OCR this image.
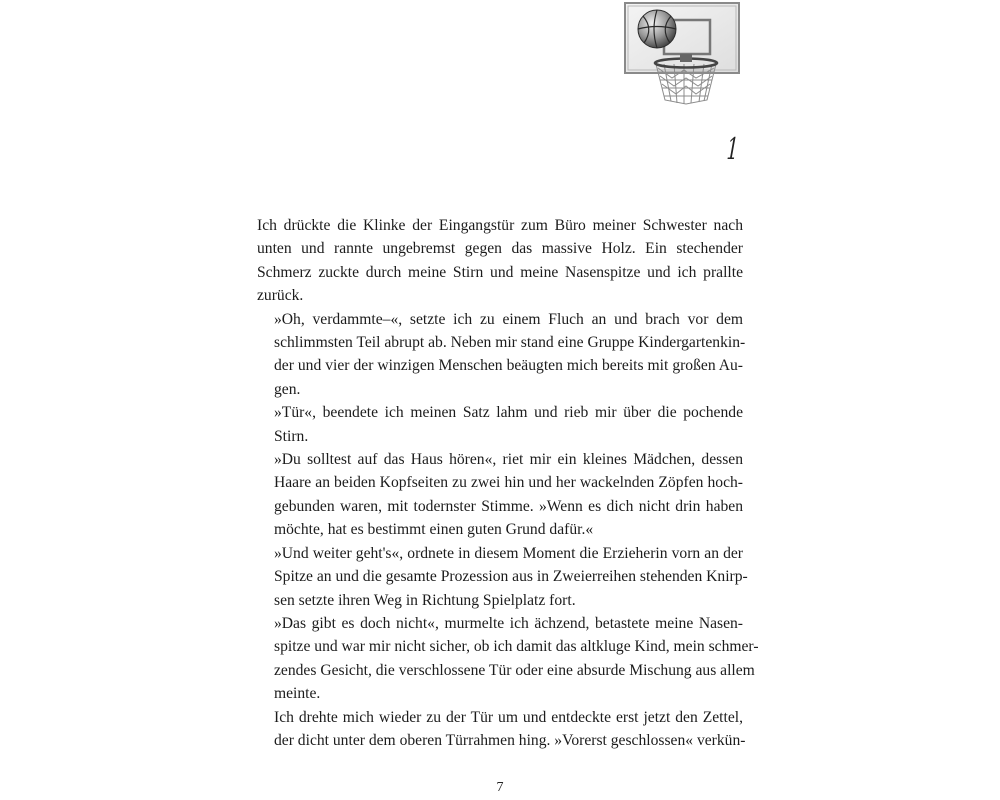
1

Ich drückte die Klinke der Eingangstür zum Büro meiner Schwester nach
unten und rannte ungebremst gegen das massive Holz. Ein stechender
Schmerz zuckte durch meine Stirn und meine Nasenspitze und ich prallte
zurück.

»Oh, verdammte–«, setzte ich zu einem Fluch an und brach vor dem
schlimmsten Teil abrupt ab. Neben mir stand eine Gruppe Kindergartenkin-
der und vier der winzigen Menschen beäugten mich bereits mit großen Au-
gen.

»Tür«, beendete ich meinen Satz lahm und rieb mir über die pochende
Stirn.

»Du solltest auf das Haus hören«, riet mir ein kleines Mädchen, dessen
Haare an beiden Kopfseiten zu zwei hin und her wackelnden Zöpfen hoch-
gebunden waren, mit todernster Stimme. »Wenn es dich nicht drin haben
möchte, hat es bestimmt einen guten Grund dafür.«

»Und weiter geht's«, ordnete in diesem Moment die Erzieherin vorn an der
Spitze an und die gesamte Prozession aus in Zweierreihen stehenden Knirp-
sen setzte ihren Weg in Richtung Spielplatz fort.

»Das gibt es doch nicht«, murmelte ich ächzend, betastete meine Nasen-
spitze und war mir nicht sicher, ob ich damit das altkluge Kind, mein schmer-
zendes Gesicht, die verschlossene Tür oder eine absurde Mischung aus allem
meinte.

Ich drehte mich wieder zu der Tür um und entdeckte erst jetzt den Zettel,
der dicht unter dem oberen Türrahmen hing. »Vorerst geschlossen« verkün-

7
